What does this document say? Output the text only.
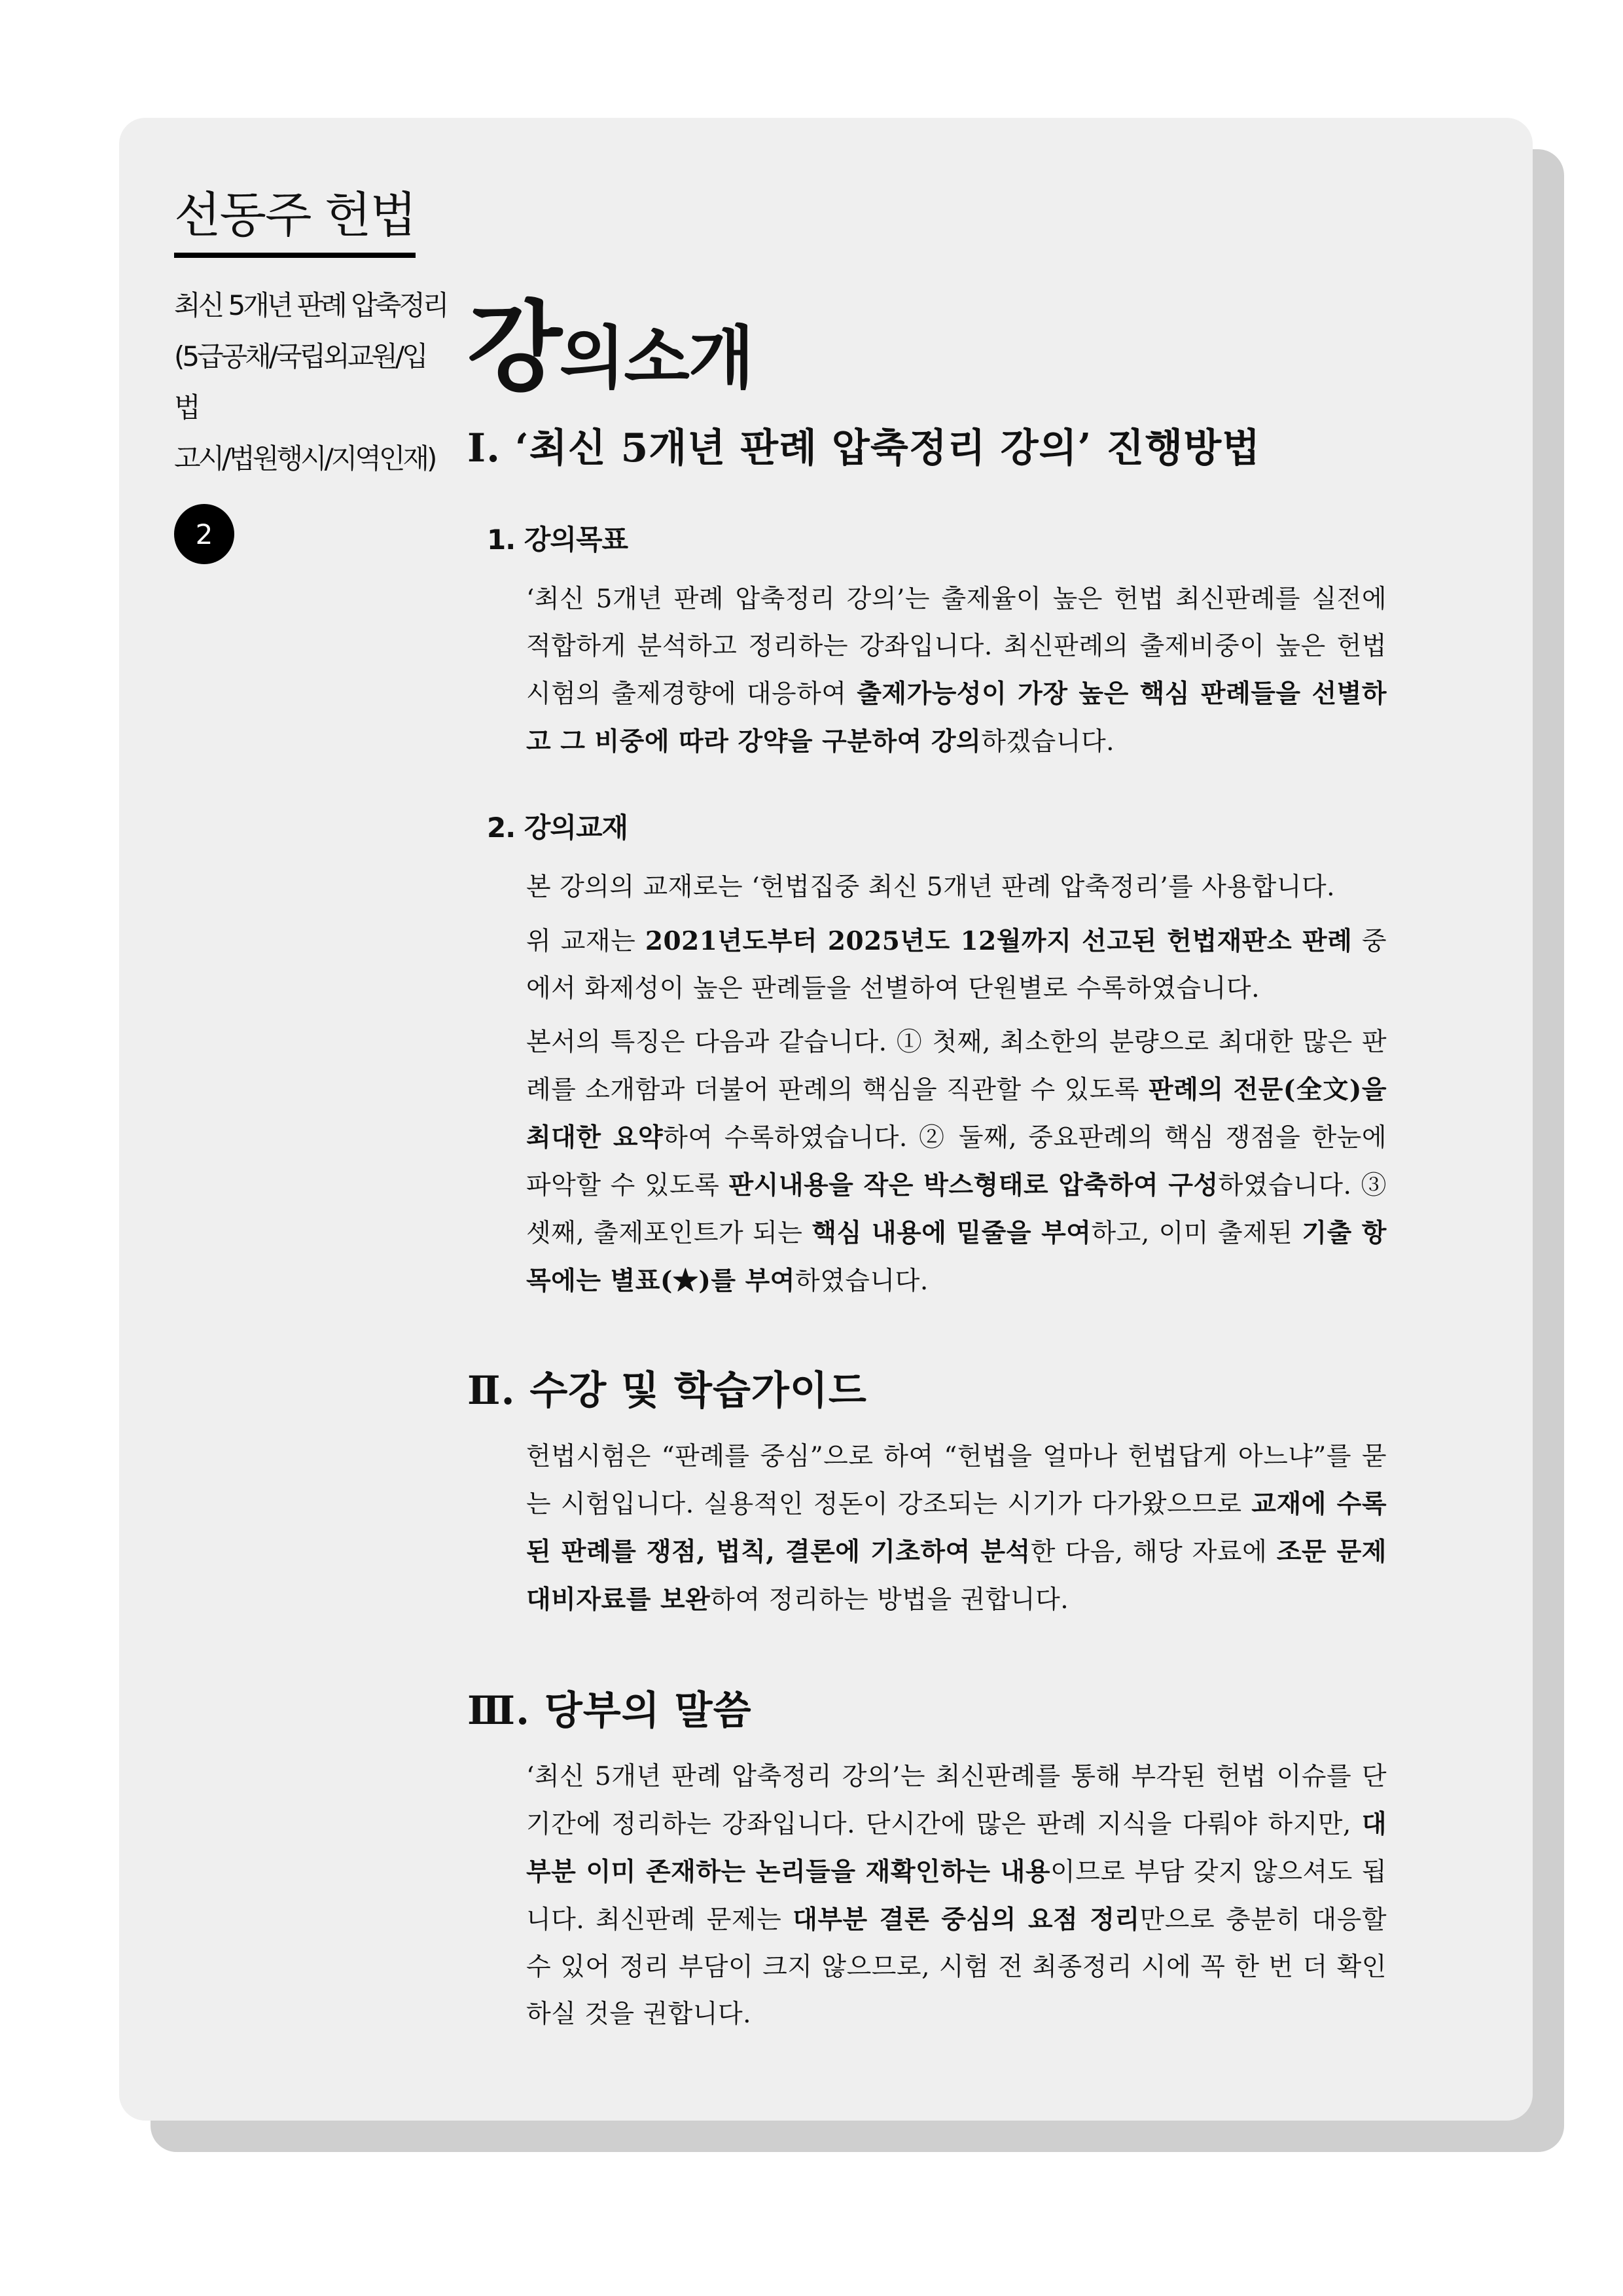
선동주 헌법
최신 5개년 판례 압축정리
(5급공채/국립외교원/입법
고시/법원행시/지역인재)
2
강의소개
Ⅰ. ‘최신 5개년 판례 압축정리 강의’ 진행방법
1. 강의목표

‘최신 5개년 판례 압축정리 강의’는 출제율이 높은 헌법 최신판례를 실전에 적합하게 분석하고 정리하는 강좌입니다. 최신판례의 출제비중이 높은 헌법 시험의 출제경향에 대응하여 출제가능성이 가장 높은 핵심 판례들을 선별하고 그 비중에 따라 강약을 구분하여 강의하겠습니다.

2. 강의교재

본 강의의 교재로는 ‘헌법집중 최신 5개년 판례 압축정리’를 사용합니다.

위 교재는 2021년도부터 2025년도 12월까지 선고된 헌법재판소 판례 중에서 화제성이 높은 판례들을 선별하여 단원별로 수록하였습니다.

본서의 특징은 다음과 같습니다. ① 첫째, 최소한의 분량으로 최대한 많은 판례를 소개함과 더불어 판례의 핵심을 직관할 수 있도록 판례의 전문(全文)을 최대한 요약하여 수록하였습니다. ② 둘째, 중요판례의 핵심 쟁점을 한눈에 파악할 수 있도록 판시내용을 작은 박스형태로 압축하여 구성하였습니다. ③ 셋째, 출제포인트가 되는 핵심 내용에 밑줄을 부여하고, 이미 출제된 기출 항목에는 별표(★)를 부여하였습니다.

Ⅱ. 수강 및 학습가이드

헌법시험은 “판례를 중심”으로 하여 “헌법을 얼마나 헌법답게 아느냐”를 묻는 시험입니다. 실용적인 정돈이 강조되는 시기가 다가왔으므로 교재에 수록된 판례를 쟁점, 법칙, 결론에 기초하여 분석한 다음, 해당 자료에 조문 문제 대비자료를 보완하여 정리하는 방법을 권합니다.

Ⅲ. 당부의 말씀

‘최신 5개년 판례 압축정리 강의’는 최신판례를 통해 부각된 헌법 이슈를 단기간에 정리하는 강좌입니다. 단시간에 많은 판례 지식을 다뤄야 하지만, 대부분 이미 존재하는 논리들을 재확인하는 내용이므로 부담 갖지 않으셔도 됩니다. 최신판례 문제는 대부분 결론 중심의 요점 정리만으로 충분히 대응할 수 있어 정리 부담이 크지 않으므로, 시험 전 최종정리 시에 꼭 한 번 더 확인하실 것을 권합니다.
